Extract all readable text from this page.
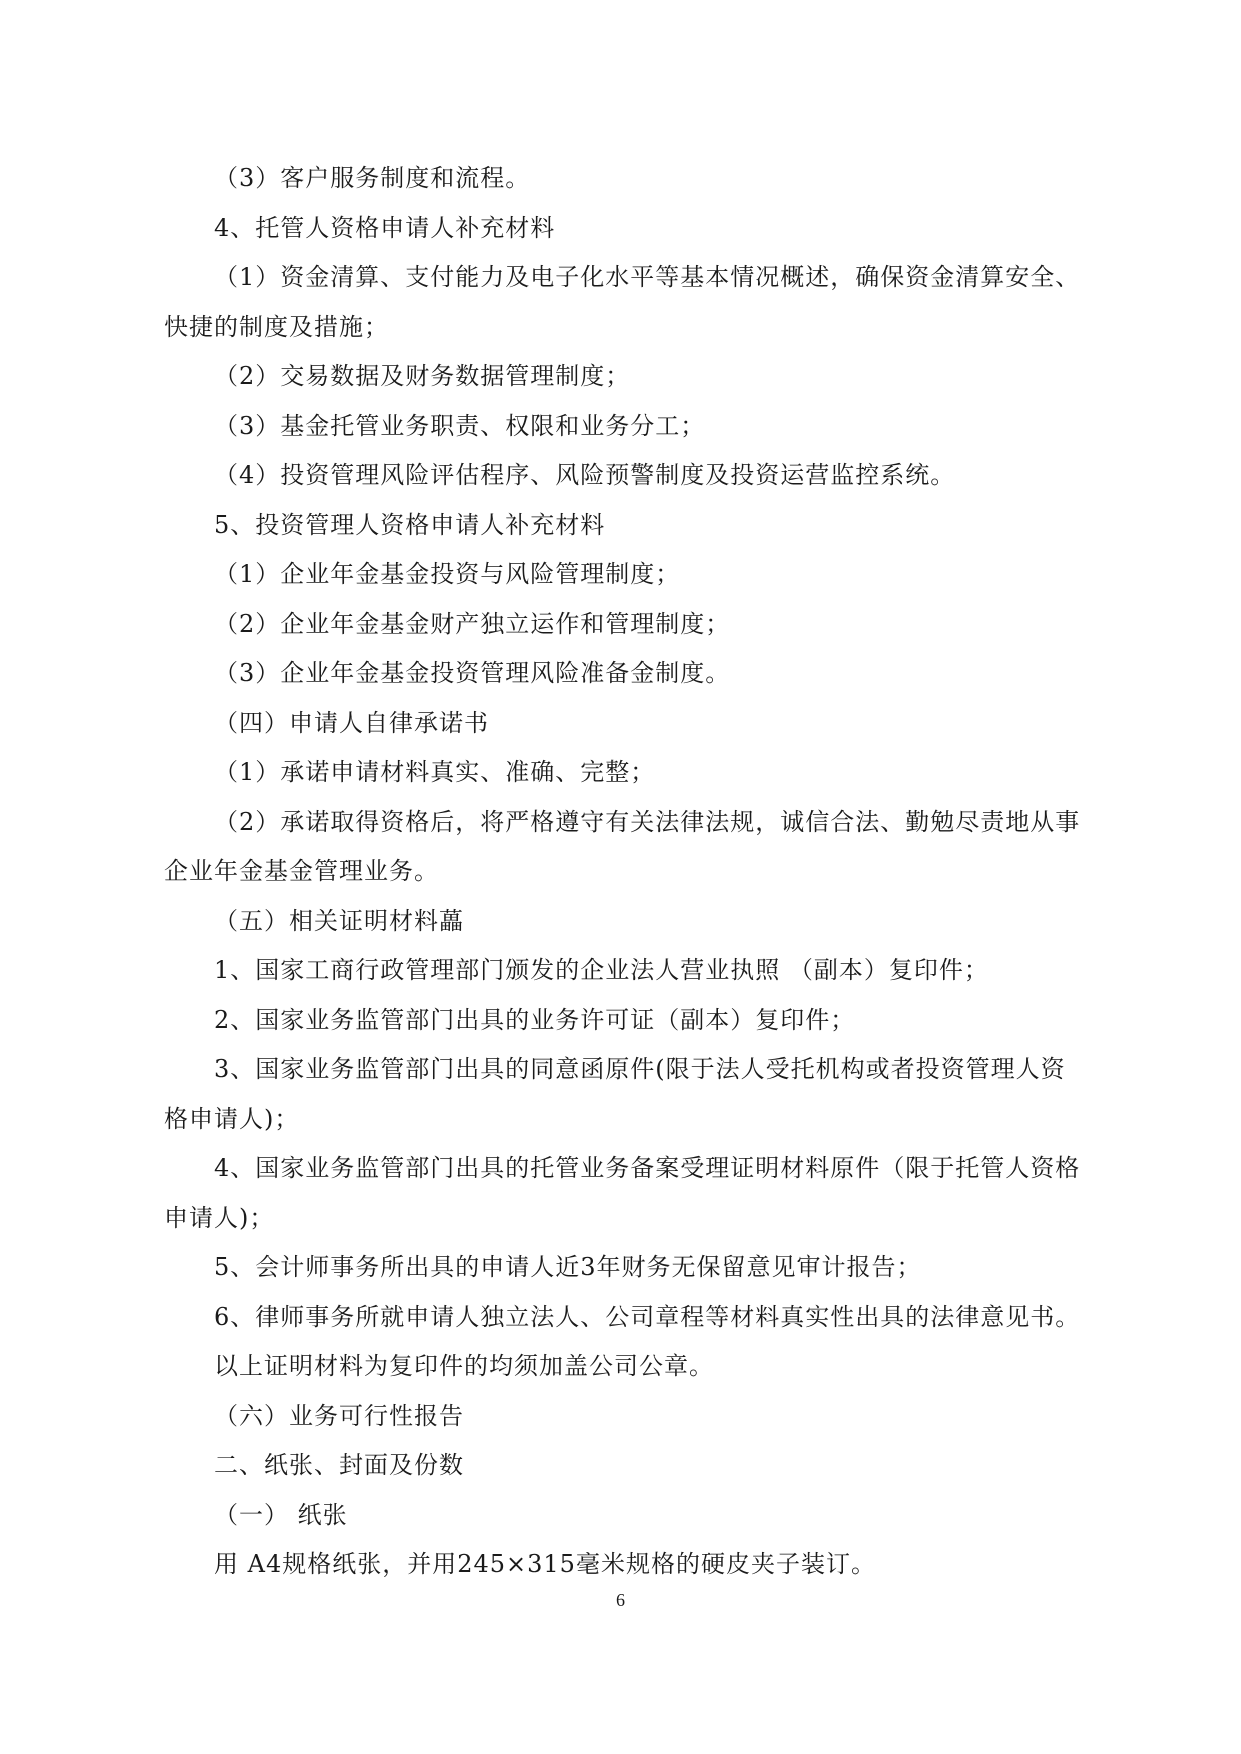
（3）客户服务制度和流程。
4、托管人资格申请人补充材料
（1）资金清算、支付能力及电子化水平等基本情况概述，确保资金清算安全、
快捷的制度及措施；
（2）交易数据及财务数据管理制度；
（3）基金托管业务职责、权限和业务分工；
（4）投资管理风险评估程序、风险预警制度及投资运营监控系统。
5、投资管理人资格申请人补充材料
（1）企业年金基金投资与风险管理制度；
（2）企业年金基金财产独立运作和管理制度；
（3）企业年金基金投资管理风险准备金制度。
（四）申请人自律承诺书
（1）承诺申请材料真实、准确、完整；
（2）承诺取得资格后，将严格遵守有关法律法规，诚信合法、勤勉尽责地从事
企业年金基金管理业务。
（五）相关证明材料藟
1、国家工商行政管理部门颁发的企业法人营业执照 （副本）复印件；
2、国家业务监管部门出具的业务许可证（副本）复印件；
3、国家业务监管部门出具的同意函原件(限于法人受托机构或者投资管理人资
格申请人)；
4、国家业务监管部门出具的托管业务备案受理证明材料原件（限于托管人资格
申请人)；
5、会计师事务所出具的申请人近3年财务无保留意见审计报告；
6、律师事务所就申请人独立法人、公司章程等材料真实性出具的法律意见书。
以上证明材料为复印件的均须加盖公司公章。
（六）业务可行性报告
二、纸张、封面及份数
（一） 纸张
用 A4规格纸张，并用245×315毫米规格的硬皮夹子装订。
6
